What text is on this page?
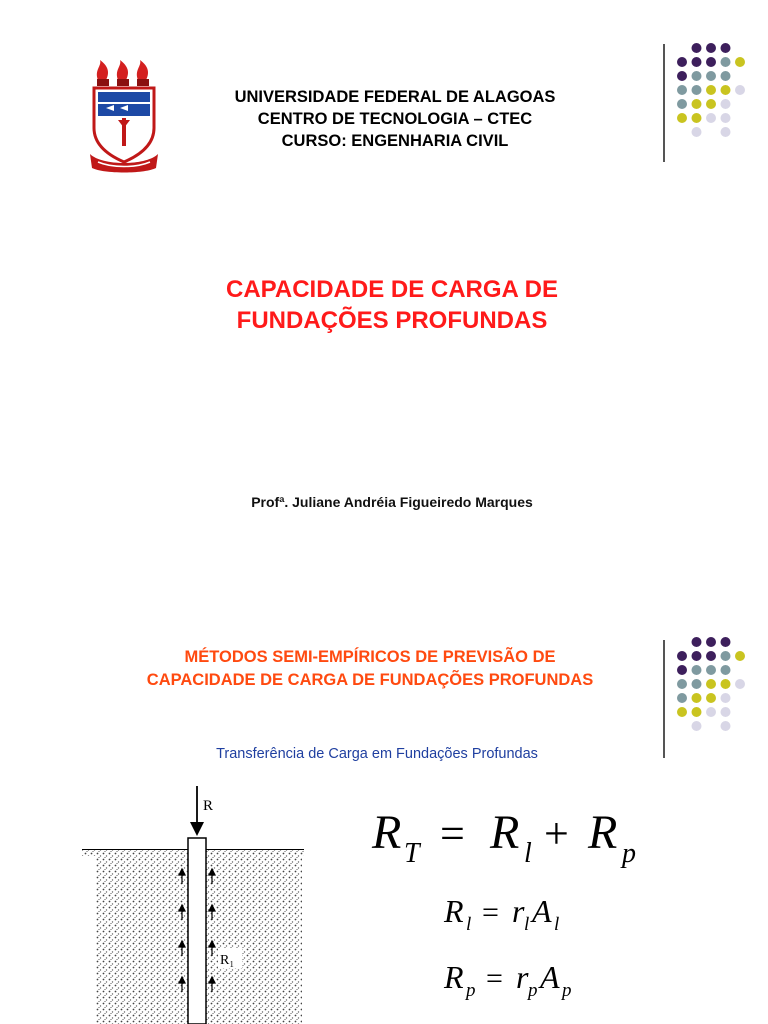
UNIVERSIDADE FEDERAL DE ALAGOAS

CENTRO DE TECNOLOGIA – CTEC

CURSO: ENGENHARIA CIVIL

CAPACIDADE DE CARGA DE

FUNDAÇÕES PROFUNDAS

Profª. Juliane Andréia Figueiredo Marques

MÉTODOS SEMI-EMPÍRICOS DE PREVISÃO DE

CAPACIDADE DE CARGA DE FUNDAÇÕES PROFUNDAS

Transferência de Carga em Fundações Profundas
R
R₁
R T = R l + R p
R l = r l A l
R p = r p A p
